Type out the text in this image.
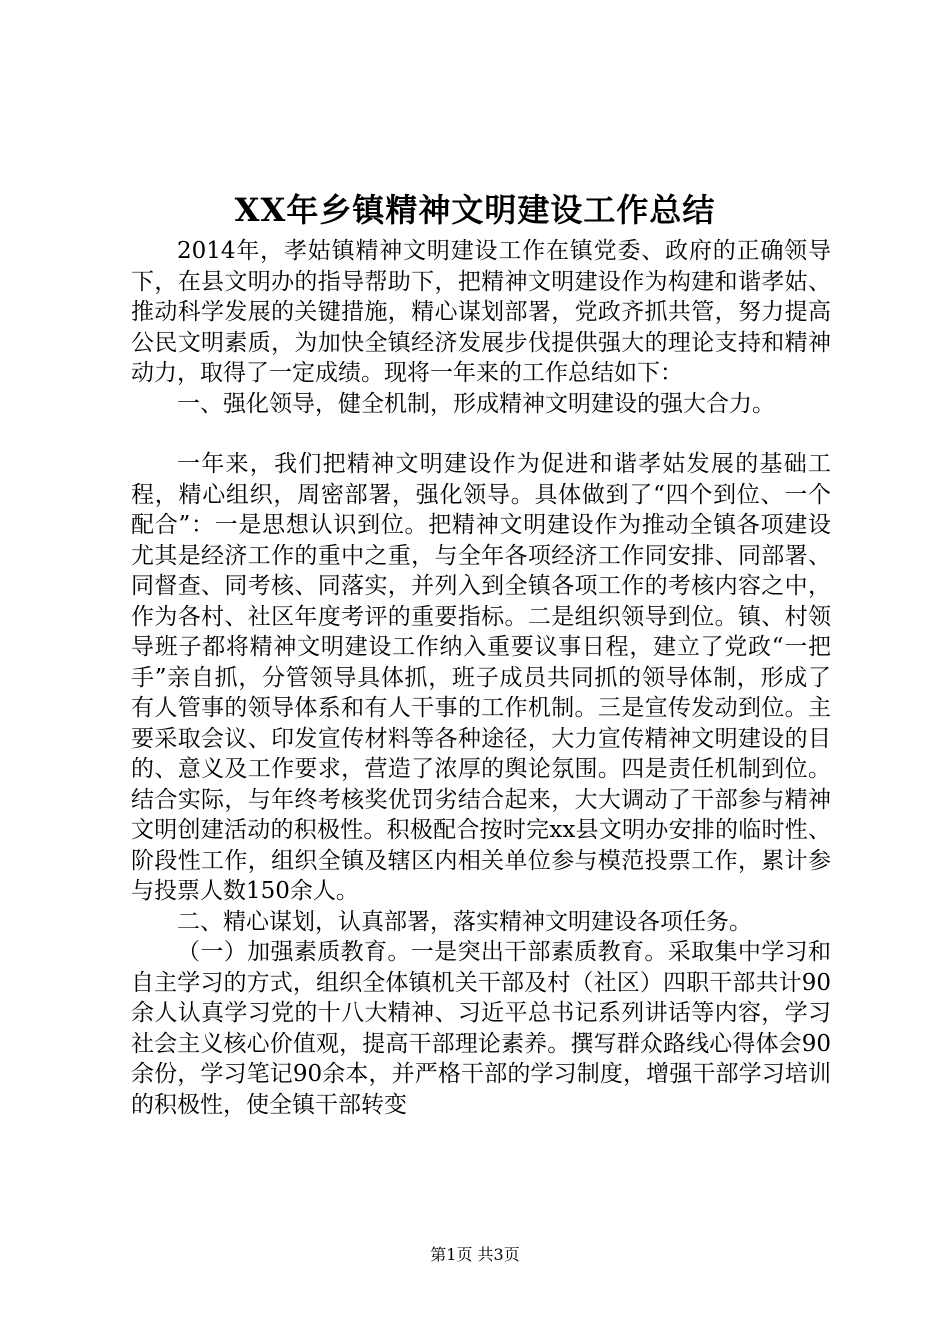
XX年乡镇精神文明建设工作总结

2014年，孝姑镇精神文明建设工作在镇党委、政府的正确领导下，在县文明办的指导帮助下，把精神文明建设作为构建和谐孝姑、推动科学发展的关键措施，精心谋划部署，党政齐抓共管，努力提高公民文明素质，为加快全镇经济发展步伐提供强大的理论支持和精神动力，取得了一定成绩。现将一年来的工作总结如下：

一、强化领导，健全机制，形成精神文明建设的强大合力。

一年来，我们把精神文明建设作为促进和谐孝姑发展的基础工程，精心组织，周密部署，强化领导。具体做到了“四个到位、一个配合”：一是思想认识到位。把精神文明建设作为推动全镇各项建设尤其是经济工作的重中之重，与全年各项经济工作同安排、同部署、同督查、同考核、同落实，并列入到全镇各项工作的考核内容之中，作为各村、社区年度考评的重要指标。二是组织领导到位。镇、村领导班子都将精神文明建设工作纳入重要议事日程，建立了党政“一把手”亲自抓，分管领导具体抓，班子成员共同抓的领导体制，形成了有人管事的领导体系和有人干事的工作机制。三是宣传发动到位。主要采取会议、印发宣传材料等各种途径，大力宣传精神文明建设的目的、意义及工作要求，营造了浓厚的舆论氛围。四是责任机制到位。结合实际，与年终考核奖优罚劣结合起来，大大调动了干部参与精神文明创建活动的积极性。积极配合按时完xx县文明办安排的临时性、阶段性工作，组织全镇及辖区内相关单位参与模范投票工作，累计参与投票人数150余人。

二、精心谋划，认真部署，落实精神文明建设各项任务。

（一）加强素质教育。一是突出干部素质教育。采取集中学习和自主学习的方式，组织全体镇机关干部及村（社区）四职干部共计90余人认真学习党的十八大精神、习近平总书记系列讲话等内容，学习社会主义核心价值观，提高干部理论素养。撰写群众路线心得体会90余份，学习笔记90余本，并严格干部的学习制度，增强干部学习培训的积极性，使全镇干部转变

第1页 共3页
